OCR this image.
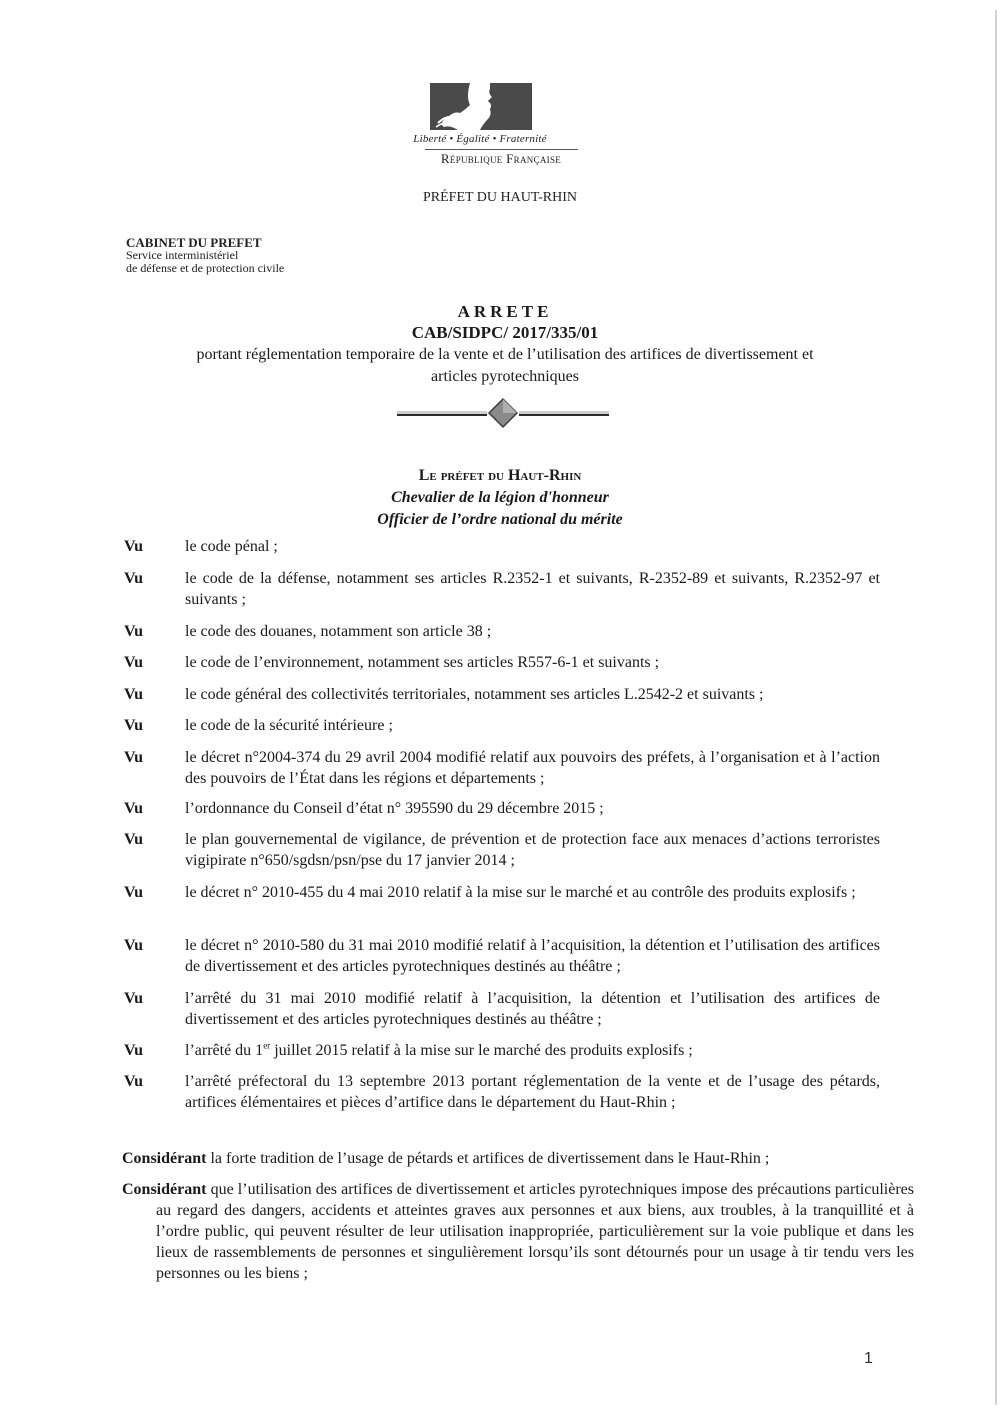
Liberté • Égalité • Fraternité
République Française
PRÉFET DU HAUT-RHIN
CABINET DU PREFET
Service interministériel
de défense et de protection civile
ARRETE
CAB/SIDPC/ 2017/335/01
portant réglementation temporaire de la vente et de l’utilisation des artifices de divertissement et
articles pyrotechniques
Le préfet du Haut-Rhin
Chevalier de la légion d'honneur
Officier de l’ordre national du mérite
Vu	le code pénal ;
Vu	le code de la défense, notamment ses articles R.2352-1 et suivants, R-2352-89 et suivants, R.2352-97 et suivants ;
Vu	le code des douanes, notamment son article 38 ;
Vu	le code de l’environnement, notamment ses articles R557-6-1 et suivants ;
Vu	le code général des collectivités territoriales, notamment ses articles L.2542-2 et suivants ;
Vu	le code de la sécurité intérieure ;
Vu	le décret n°2004-374 du 29 avril 2004 modifié relatif aux pouvoirs des préfets, à l’organisation et à l’action des pouvoirs de l’État dans les régions et départements ;
Vu	l’ordonnance du Conseil d’état n° 395590 du 29 décembre 2015 ;
Vu	le plan gouvernemental de vigilance, de prévention et de protection face aux menaces d’actions terroristes vigipirate n°650/sgdsn/psn/pse du 17 janvier 2014 ;
Vu	le décret n° 2010-455 du 4 mai 2010 relatif à la mise sur le marché et au contrôle des produits explosifs ;
Vu	le décret n° 2010-580 du 31 mai 2010 modifié relatif à l’acquisition, la détention et l’utilisation des artifices de divertissement et des articles pyrotechniques destinés au théâtre ;
Vu	l’arrêté du 31 mai 2010 modifié relatif à l’acquisition, la détention et l’utilisation des artifices de divertissement et des articles pyrotechniques destinés au théâtre ;
Vu	l’arrêté du 1er juillet 2015 relatif à la mise sur le marché des produits explosifs ;
Vu	l’arrêté préfectoral du 13 septembre 2013 portant réglementation de la vente et de l’usage des pétards, artifices élémentaires et pièces d’artifice dans le département du Haut-Rhin ;
Considérant la forte tradition de l’usage de pétards et artifices de divertissement dans le Haut-Rhin ;
Considérant que l’utilisation des artifices de divertissement et articles pyrotechniques impose des précautions particulières au regard des dangers, accidents et atteintes graves aux personnes et aux biens, aux troubles, à la tranquillité et à l’ordre public, qui peuvent résulter de leur utilisation inappropriée, particulièrement sur la voie publique et dans les lieux de rassemblements de personnes et singulièrement lorsqu’ils sont détournés pour un usage à tir tendu vers les personnes ou les biens ;
1
